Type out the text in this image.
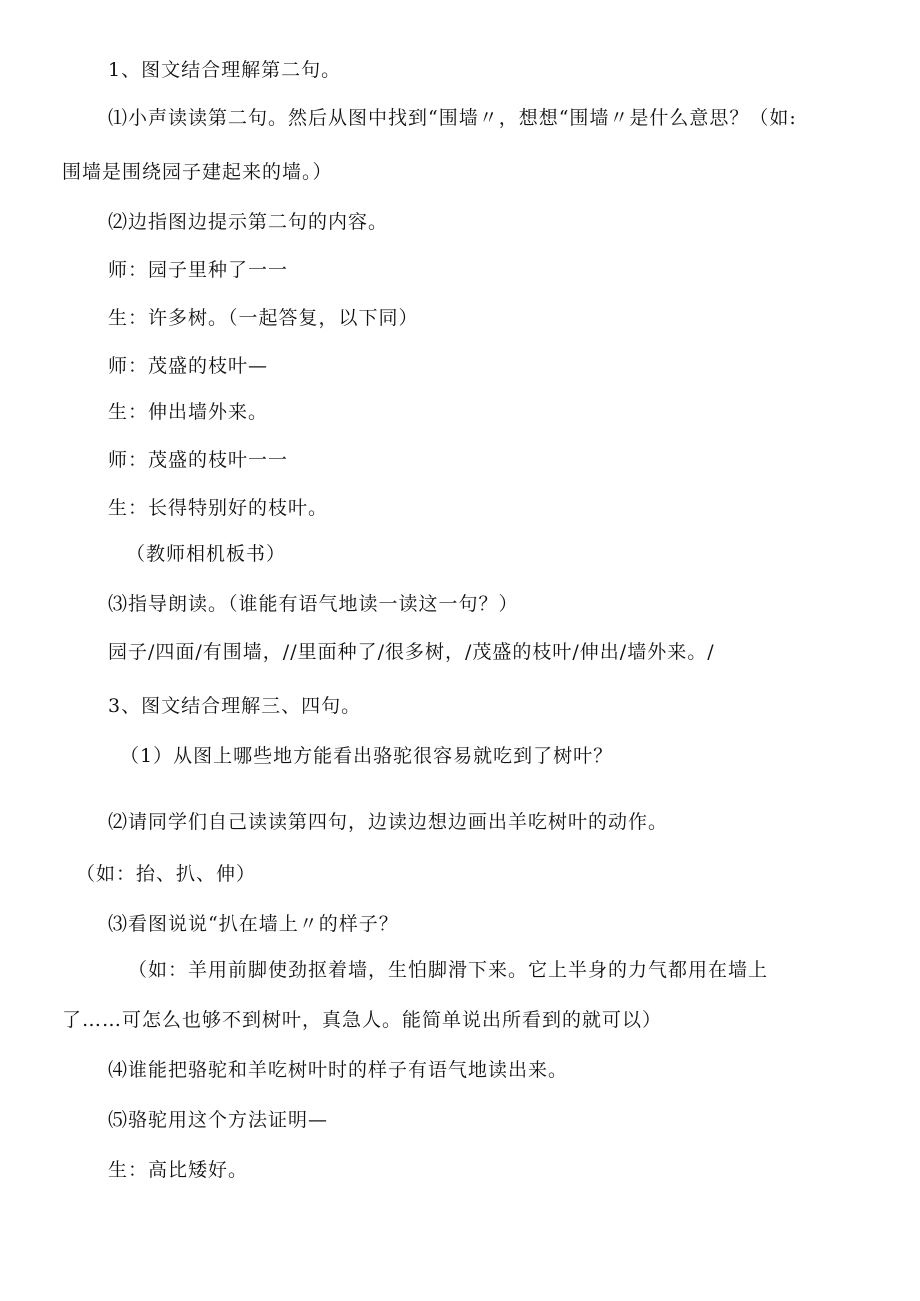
1、图文结合理解第二句。
⑴小声读读第二句。然后从图中找到“围墙〃，想想“围墙〃是什么意思？（如:
围墙是围绕园子建起来的墙。）
⑵边指图边提示第二句的内容。
师：园子里种了一一
生：许多树。（一起答复，以下同）
师：茂盛的枝叶—
生：伸出墙外来。
师：茂盛的枝叶一一
生：长得特别好的枝叶。
（教师相机板书）
⑶指导朗读。（谁能有语气地读一读这一句？）
园子/四面/有围墙，//里面种了/很多树，/茂盛的枝叶/伸出/墙外来。/
3、图文结合理解三、四句。
（1）从图上哪些地方能看出骆驼很容易就吃到了树叶？
⑵请同学们自己读读第四句，边读边想边画出羊吃树叶的动作。
（如：抬、扒、伸）
⑶看图说说“扒在墙上〃的样子？
（如：羊用前脚使劲抠着墙，生怕脚滑下来。它上半身的力气都用在墙上
了……可怎么也够不到树叶，真急人。能简单说出所看到的就可以）
⑷谁能把骆驼和羊吃树叶时的样子有语气地读出来。
⑸骆驼用这个方法证明—
生：高比矮好。
